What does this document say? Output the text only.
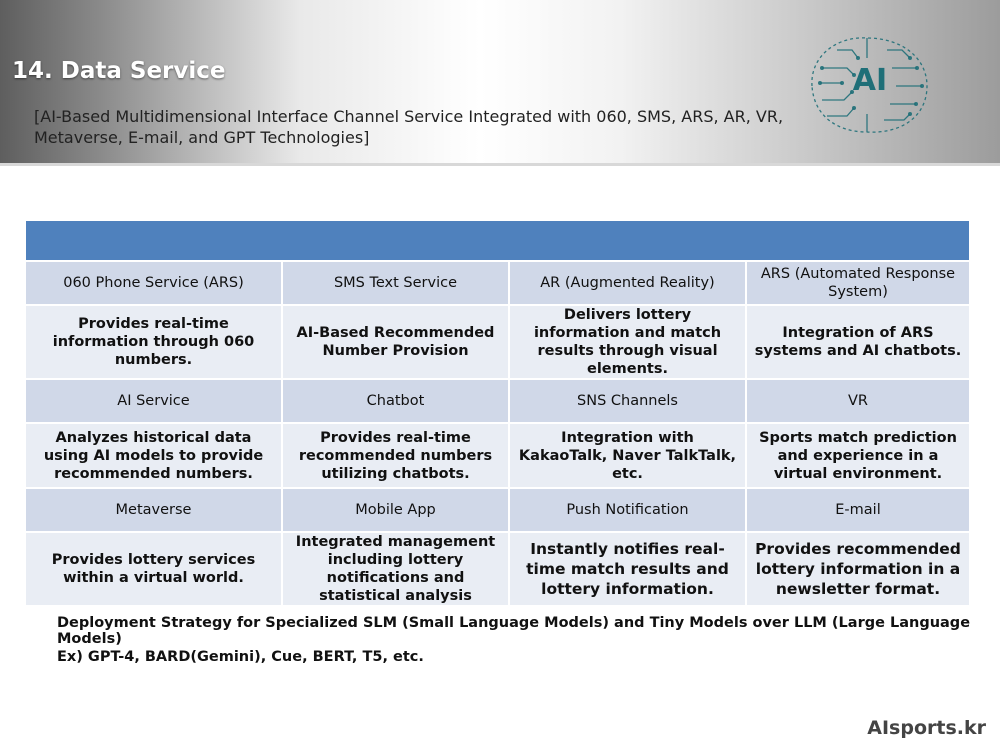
14. Data Service
[AI-Based Multidimensional Interface Channel Service Integrated with 060, SMS, ARS, AR, VR, Metaverse, E-mail, and GPT Technologies]
AI

060 Phone Service (ARS)	SMS Text Service	AR (Augmented Reality)	ARS (Automated Response System)
Provides real-time information through 060 numbers.	AI-Based Recommended Number Provision	Delivers lottery information and match results through visual elements.	Integration of ARS systems and AI chatbots.
AI Service	Chatbot	SNS Channels	VR
Analyzes historical data using AI models to provide recommended numbers.	Provides real-time recommended numbers utilizing chatbots.	Integration with KakaoTalk, Naver TalkTalk, etc.	Sports match prediction and experience in a virtual environment.
Metaverse	Mobile App	Push Notification	E-mail
Provides lottery services within a virtual world.	Integrated management including lottery notifications and statistical analysis	Instantly notifies real-time match results and lottery information.	Provides recommended lottery information in a newsletter format.
Deployment Strategy for Specialized SLM (Small Language Models) and Tiny Models over LLM (Large Language Models)
Ex) GPT-4, BARD(Gemini), Cue, BERT, T5, etc.
AIsports.kr
